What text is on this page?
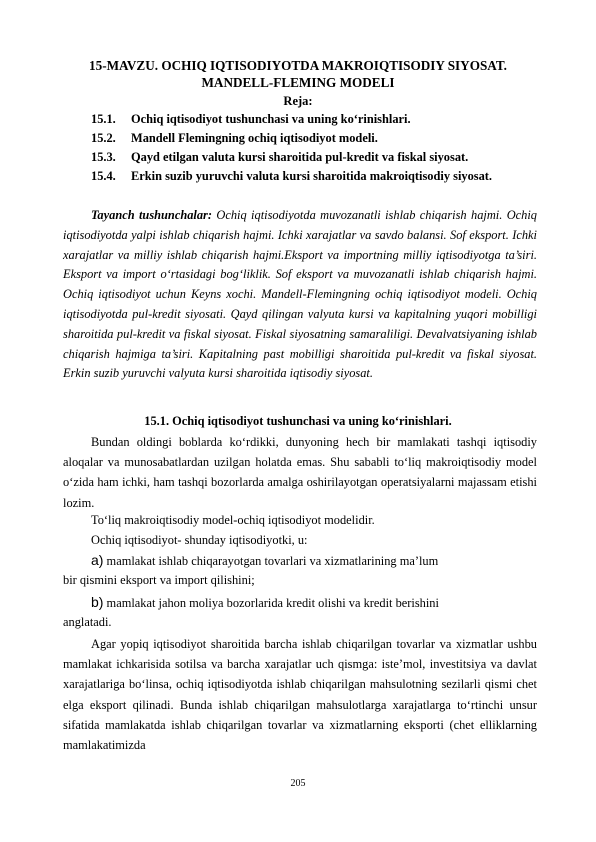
15-MAVZU. OCHIQ IQTISODIYOTDA MAKROIQTISODIY SIYOSAT.
MANDELL-FLEMING MODELI
Reja:
15.1. Ochiq iqtisodiyot tushunchasi va uning ko‘rinishlari.
15.2. Mandell Flemingning ochiq iqtisodiyot modeli.
15.3. Qayd etilgan valuta kursi sharoitida pul-kredit va fiskal siyosat.
15.4. Erkin suzib yuruvchi valuta kursi sharoitida makroiqtisodiy siyosat.
Tayanch tushunchalar: Ochiq iqtisodiyotda muvozanatli ishlab chiqarish hajmi. Ochiq iqtisodiyotda yalpi ishlab chiqarish hajmi. Ichki xarajatlar va savdo balansi. Sof eksport. Ichki xarajatlar va milliy ishlab chiqarish hajmi.Eksport va importning milliy iqtisodiyotga ta’siri. Eksport va import o‘rtasidagi bog‘liklik. Sof eksport va muvozanatli ishlab chiqarish hajmi. Ochiq iqtisodiyot uchun Keyns xochi. Mandell-Flemingning ochiq iqtisodiyot modeli. Ochiq iqtisodiyotda pul-kredit siyosati. Qayd qilingan valyuta kursi va kapitalning yuqori mobilligi sharoitida pul-kredit va fiskal siyosat. Fiskal siyosatning samaraliligi. Devalvatsiyaning ishlab chiqarish hajmiga ta’siri. Kapitalning past mobilligi sharoitida pul-kredit va fiskal siyosat. Erkin suzib yuruvchi valyuta kursi sharoitida iqtisodiy siyosat.
15.1. Ochiq iqtisodiyot tushunchasi va uning ko‘rinishlari.

Bundan oldingi boblarda ko‘rdikki, dunyoning hech bir mamlakati tashqi iqtisodiy aloqalar va munosabatlardan uzilgan holatda emas. Shu sababli to‘liq makroiqtisodiy model o‘zida ham ichki, ham tashqi bozorlarda amalga oshirilayotgan operatsiyalarni majassam etishi lozim.

To‘liq makroiqtisodiy model-ochiq iqtisodiyot modelidir.
Ochiq iqtisodiyot- shunday iqtisodiyotki, u:
a) mamlakat ishlab chiqarayotgan tovarlari va xizmatlarining ma’lum
bir qismini eksport va import qilishini;
b) mamlakat jahon moliya bozorlarida kredit olishi va kredit berishini
anglatadi.

Agar yopiq iqtisodiyot sharoitida barcha ishlab chiqarilgan tovarlar va xizmatlar ushbu mamlakat ichkarisida sotilsa va barcha xarajatlar uch qismga: iste’mol, investitsiya va davlat xarajatlariga bo‘linsa, ochiq iqtisodiyotda ishlab chiqarilgan mahsulotning sezilarli qismi chet elga eksport qilinadi. Bunda ishlab chiqarilgan mahsulotlarga xarajatlarga to‘rtinchi unsur sifatida mamlakatda ishlab chiqarilgan tovarlar va xizmatlarning eksporti (chet elliklarning mamlakatimizda

205
